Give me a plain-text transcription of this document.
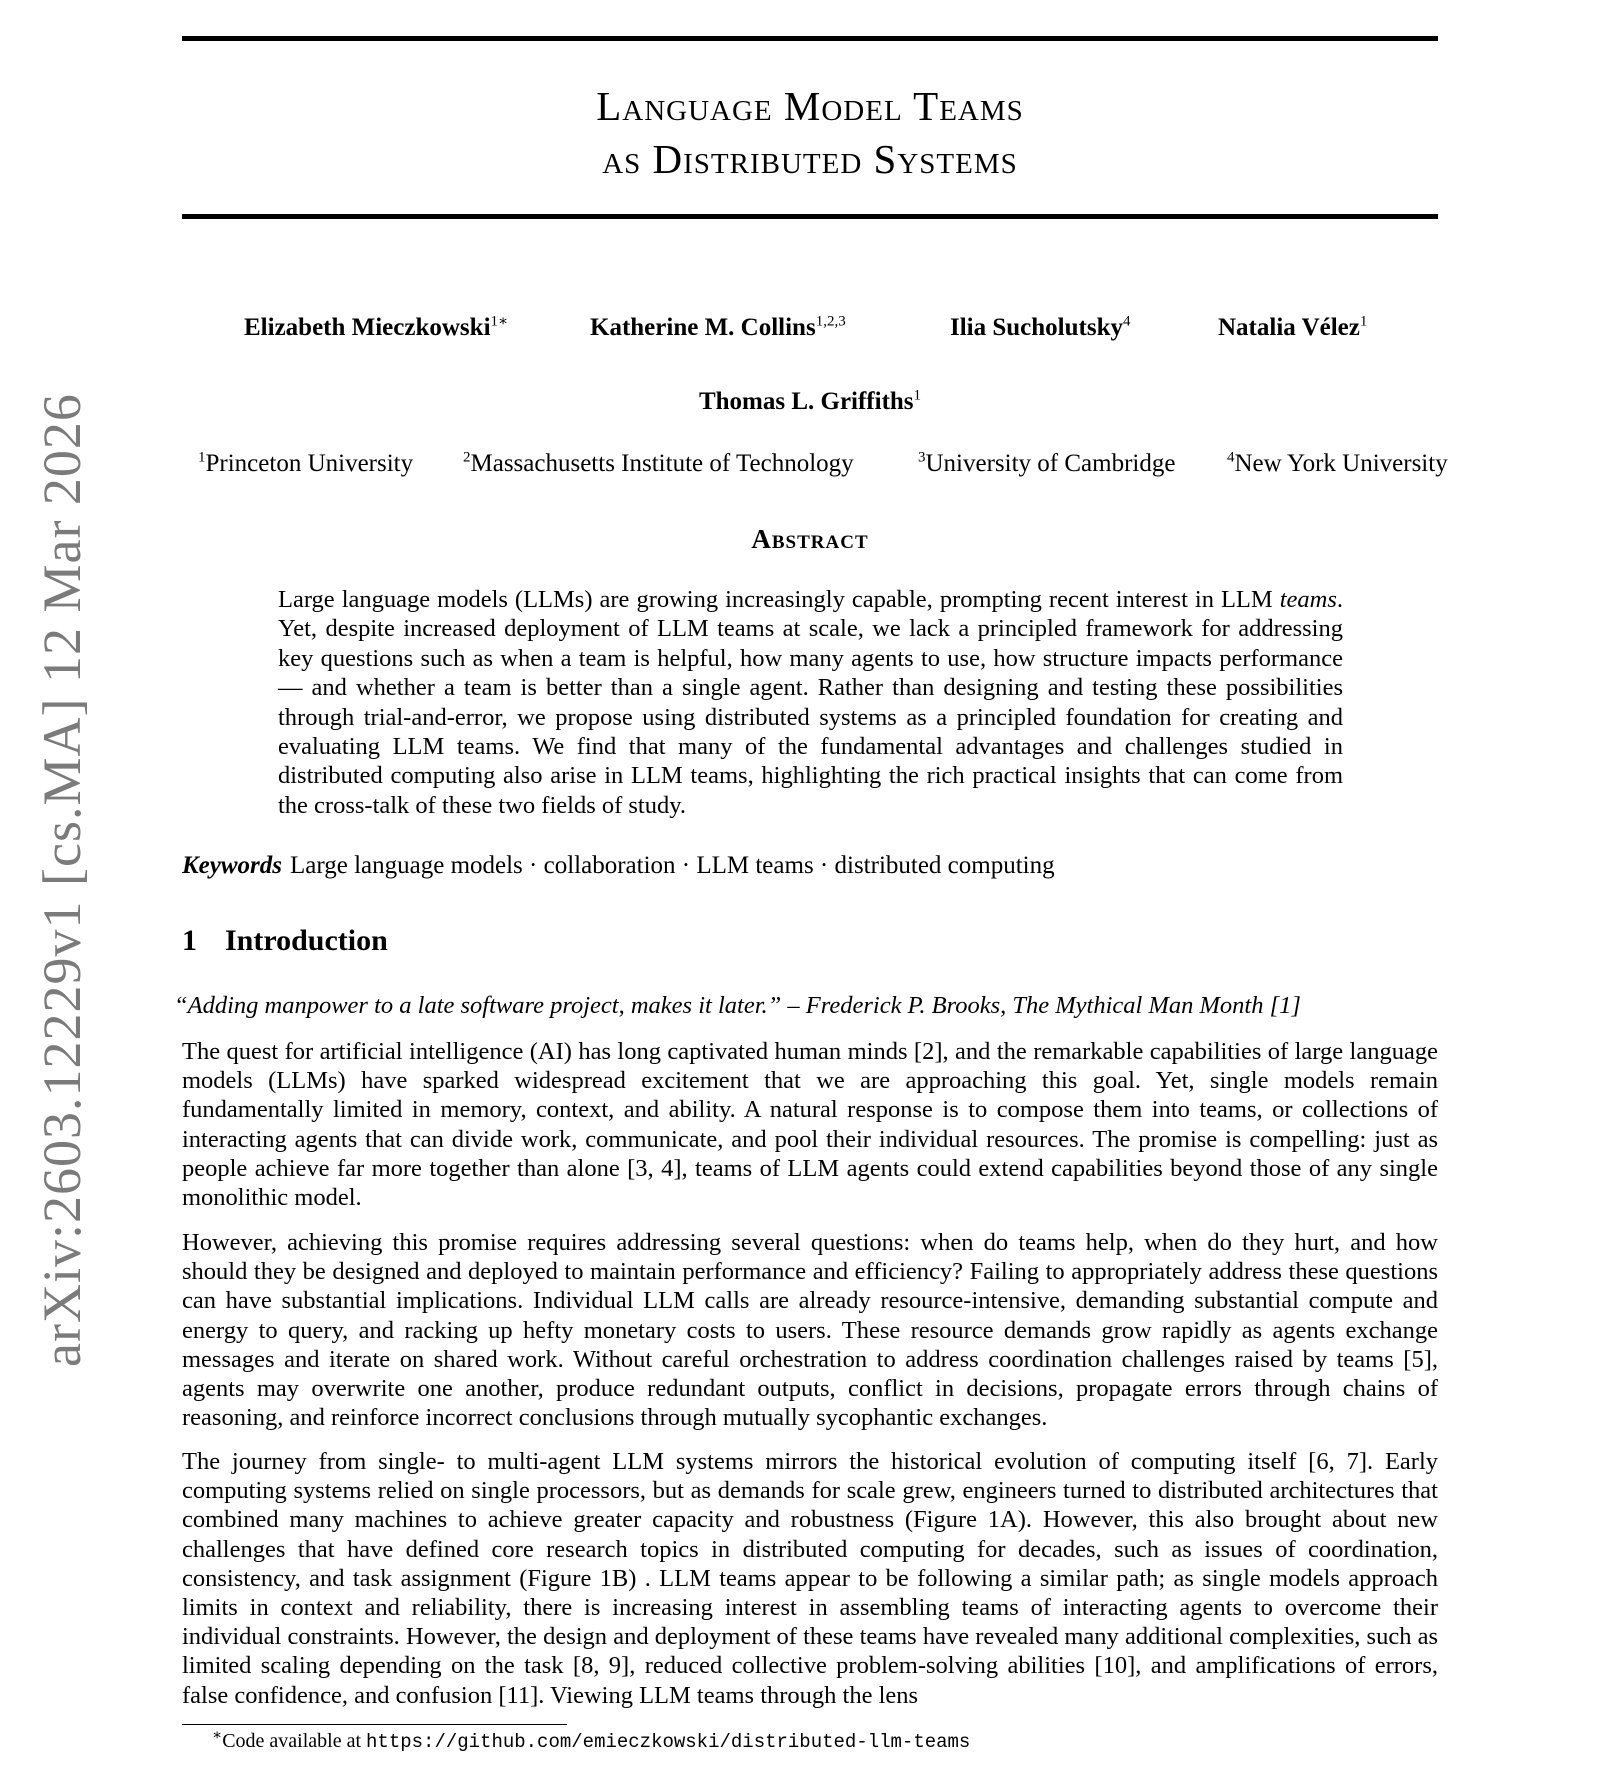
arXiv:2603.12229v1 [cs.MA] 12 Mar 2026
Language Model Teams
as Distributed Systems
Elizabeth Mieczkowski$^{1∗}$	Katherine M. Collins$^{1,2,3}$	Ilia Sucholutsky$^4$	Natalia Vélez$^1$
Thomas L. Griffiths$^1$
$^1$Princeton University	$^2$Massachusetts Institute of Technology	$^3$University of Cambridge	$^4$New York University
Abstract

Large language models (LLMs) are growing increasingly capable, prompting recent interest in LLM teams. Yet, despite increased deployment of LLM teams at scale, we lack a principled framework for addressing key questions such as when a team is helpful, how many agents to use, how structure impacts performance — and whether a team is better than a single agent. Rather than designing and testing these possibilities through trial-and-error, we propose using distributed systems as a principled foundation for creating and evaluating LLM teams. We find that many of the fundamental advantages and challenges studied in distributed computing also arise in LLM teams, highlighting the rich practical insights that can come from the cross-talk of these two fields of study.

Keywords Large language models · collaboration · LLM teams · distributed computing
1 Introduction
“Adding manpower to a late software project, makes it later.” – Frederick P. Brooks, The Mythical Man Month [1]

The quest for artificial intelligence (AI) has long captivated human minds [2], and the remarkable capabilities of large language models (LLMs) have sparked widespread excitement that we are approaching this goal. Yet, single models remain fundamentally limited in memory, context, and ability. A natural response is to compose them into teams, or collections of interacting agents that can divide work, communicate, and pool their individual resources. The promise is compelling: just as people achieve far more together than alone [3, 4], teams of LLM agents could extend capabilities beyond those of any single monolithic model.

However, achieving this promise requires addressing several questions: when do teams help, when do they hurt, and how should they be designed and deployed to maintain performance and efficiency? Failing to appropriately address these questions can have substantial implications. Individual LLM calls are already resource-intensive, demanding substantial compute and energy to query, and racking up hefty monetary costs to users. These resource demands grow rapidly as agents exchange messages and iterate on shared work. Without careful orchestration to address coordination challenges raised by teams [5], agents may overwrite one another, produce redundant outputs, conflict in decisions, propagate errors through chains of reasoning, and reinforce incorrect conclusions through mutually sycophantic exchanges.

The journey from single- to multi-agent LLM systems mirrors the historical evolution of computing itself [6, 7]. Early computing systems relied on single processors, but as demands for scale grew, engineers turned to distributed architectures that combined many machines to achieve greater capacity and robustness (Figure 1A). However, this also brought about new challenges that have defined core research topics in distributed computing for decades, such as issues of coordination, consistency, and task assignment (Figure 1B) . LLM teams appear to be following a similar path; as single models approach limits in context and reliability, there is increasing interest in assembling teams of interacting agents to overcome their individual constraints. However, the design and deployment of these teams have revealed many additional complexities, such as limited scaling depending on the task [8, 9], reduced collective problem-solving abilities [10], and amplifications of errors, false confidence, and confusion [11]. Viewing LLM teams through the lens

∗Code available at https://github.com/emieczkowski/distributed-llm-teams
